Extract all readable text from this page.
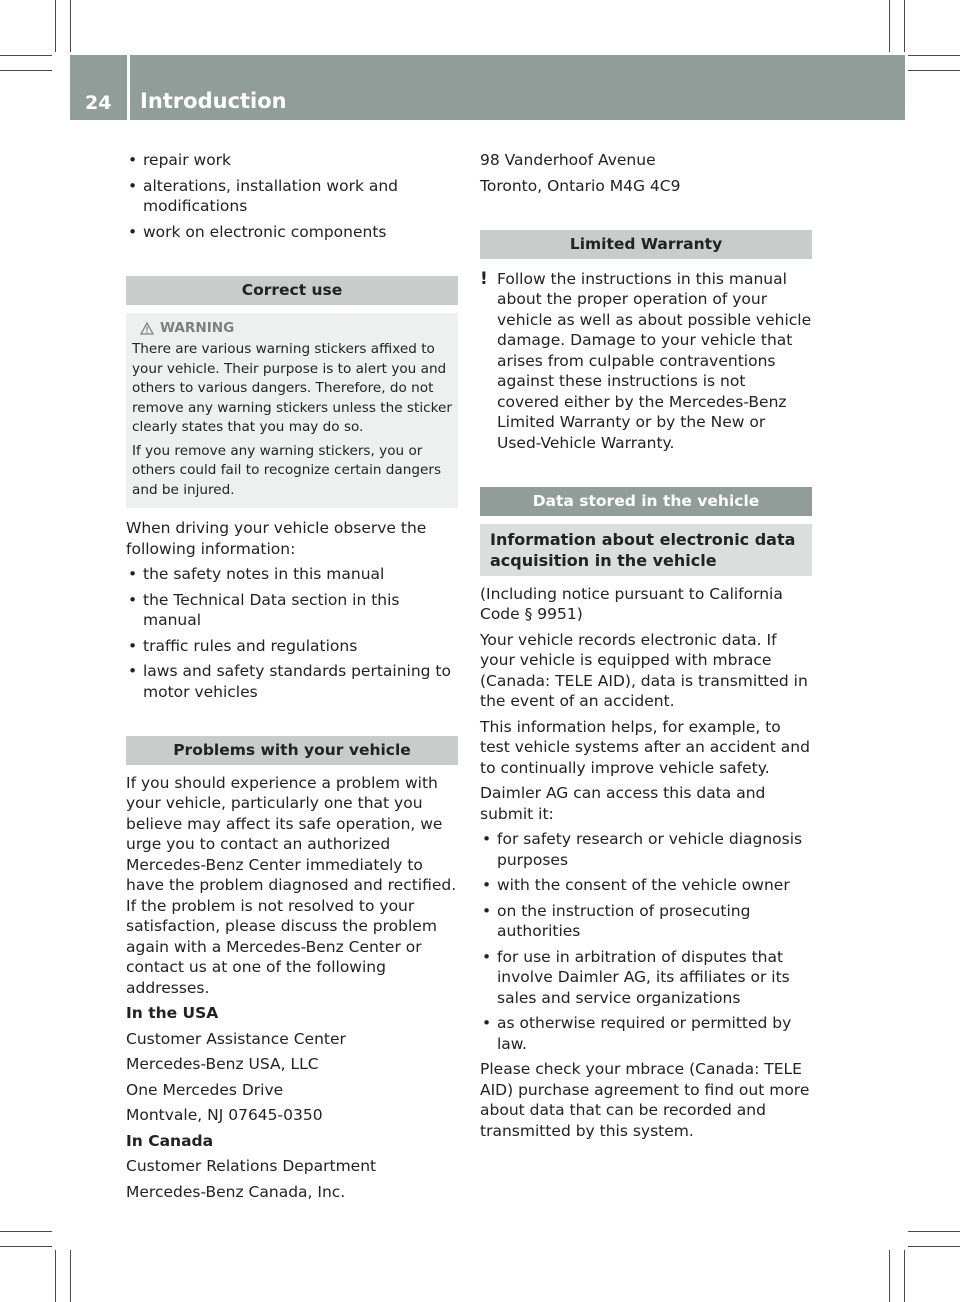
24	Introduction
• repair work
• alterations, installation work and modifications
• work on electronic components
Correct use
WARNING
There are various warning stickers affixed to your vehicle. Their purpose is to alert you and others to various dangers. Therefore, do not remove any warning stickers unless the sticker clearly states that you may do so.
If you remove any warning stickers, you or others could fail to recognize certain dangers and be injured.
When driving your vehicle observe the following information:
• the safety notes in this manual
• the Technical Data section in this manual
• traffic rules and regulations
• laws and safety standards pertaining to motor vehicles
Problems with your vehicle
If you should experience a problem with your vehicle, particularly one that you believe may affect its safe operation, we urge you to contact an authorized Mercedes-Benz Center immediately to have the problem diagnosed and rectified. If the problem is not resolved to your satisfaction, please discuss the problem again with a Mercedes-Benz Center or contact us at one of the following addresses.
In the USA
Customer Assistance Center
Mercedes-Benz USA, LLC
One Mercedes Drive
Montvale, NJ 07645-0350
In Canada
Customer Relations Department
Mercedes-Benz Canada, Inc.
98 Vanderhoof Avenue
Toronto, Ontario M4G 4C9
Limited Warranty
! Follow the instructions in this manual about the proper operation of your vehicle as well as about possible vehicle damage. Damage to your vehicle that arises from culpable contraventions against these instructions is not covered either by the Mercedes-Benz Limited Warranty or by the New or Used-Vehicle Warranty.
Data stored in the vehicle
Information about electronic data acquisition in the vehicle
(Including notice pursuant to California Code § 9951)
Your vehicle records electronic data. If your vehicle is equipped with mbrace (Canada: TELE AID), data is transmitted in the event of an accident.
This information helps, for example, to test vehicle systems after an accident and to continually improve vehicle safety.
Daimler AG can access this data and submit it:
• for safety research or vehicle diagnosis purposes
• with the consent of the vehicle owner
• on the instruction of prosecuting authorities
• for use in arbitration of disputes that involve Daimler AG, its affiliates or its sales and service organizations
• as otherwise required or permitted by law.
Please check your mbrace (Canada: TELE AID) purchase agreement to find out more about data that can be recorded and transmitted by this system.
